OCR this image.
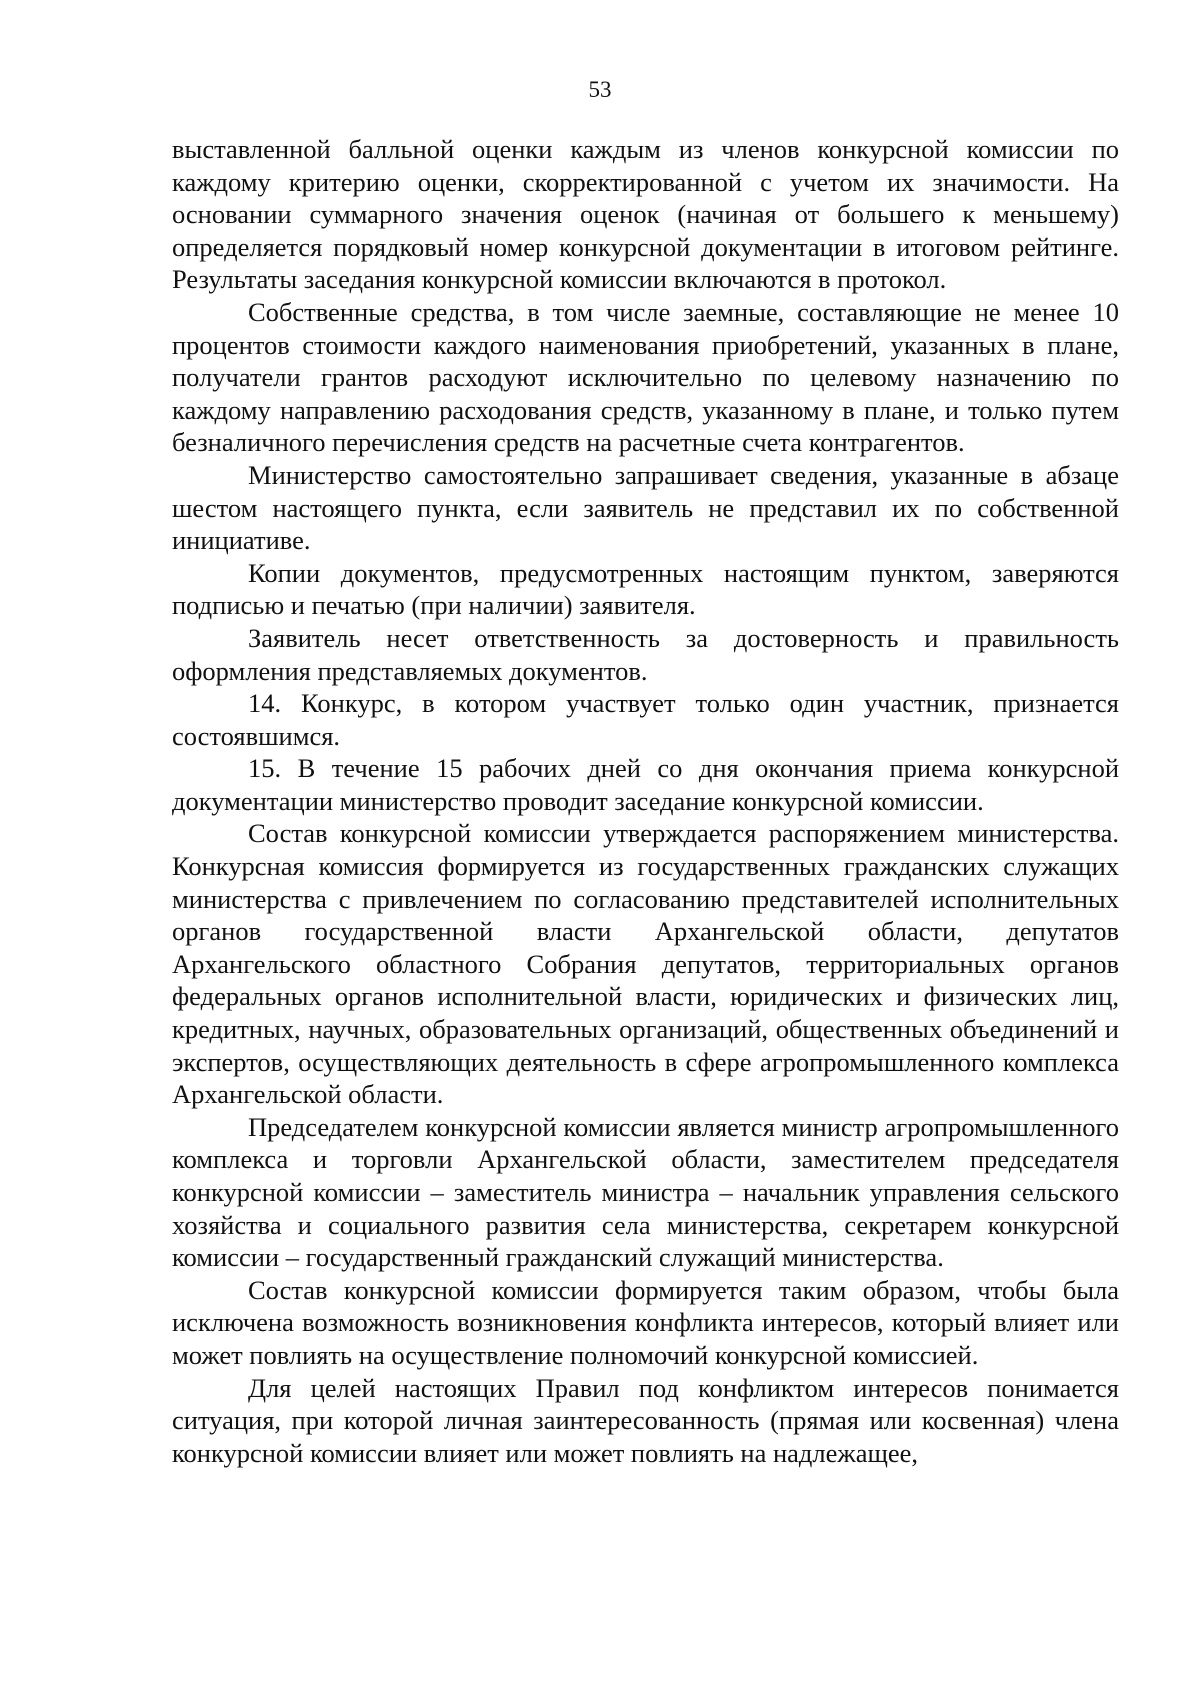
53

выставленной балльной оценки каждым из членов конкурсной комиссии по каждому критерию оценки, скорректированной с учетом их значимости. На основании суммарного значения оценок (начиная от большего к меньшему) определяется порядковый номер конкурсной документации в итоговом рейтинге. Результаты заседания конкурсной комиссии включаются в протокол.

Собственные средства, в том числе заемные, составляющие не менее 10 процентов стоимости каждого наименования приобретений, указанных в плане, получатели грантов расходуют исключительно по целевому назначению по каждому направлению расходования средств, указанному в плане, и только путем безналичного перечисления средств на расчетные счета контрагентов.

Министерство самостоятельно запрашивает сведения, указанные в абзаце шестом настоящего пункта, если заявитель не представил их по собственной инициативе.

Копии документов, предусмотренных настоящим пунктом, заверяются подписью и печатью (при наличии) заявителя.

Заявитель несет ответственность за достоверность и правильность оформления представляемых документов.

14. Конкурс, в котором участвует только один участник, признается состоявшимся.

15. В течение 15 рабочих дней со дня окончания приема конкурсной документации министерство проводит заседание конкурсной комиссии.

Состав конкурсной комиссии утверждается распоряжением министерства. Конкурсная комиссия формируется из государственных гражданских служащих министерства с привлечением по согласованию представителей исполнительных органов государственной власти Архангельской области, депутатов Архангельского областного Собрания депутатов, территориальных органов федеральных органов исполнительной власти, юридических и физических лиц, кредитных, научных, образовательных организаций, общественных объединений и экспертов, осуществляющих деятельность в сфере агропромышленного комплекса Архангельской области.

Председателем конкурсной комиссии является министр агропромышленного комплекса и торговли Архангельской области, заместителем председателя конкурсной комиссии – заместитель министра – начальник управления сельского хозяйства и социального развития села министерства, секретарем конкурсной комиссии – государственный гражданский служащий министерства.

Состав конкурсной комиссии формируется таким образом, чтобы была исключена возможность возникновения конфликта интересов, который влияет или может повлиять на осуществление полномочий конкурсной комиссией.

Для целей настоящих Правил под конфликтом интересов понимается ситуация, при которой личная заинтересованность (прямая или косвенная) члена конкурсной комиссии влияет или может повлиять на надлежащее,
